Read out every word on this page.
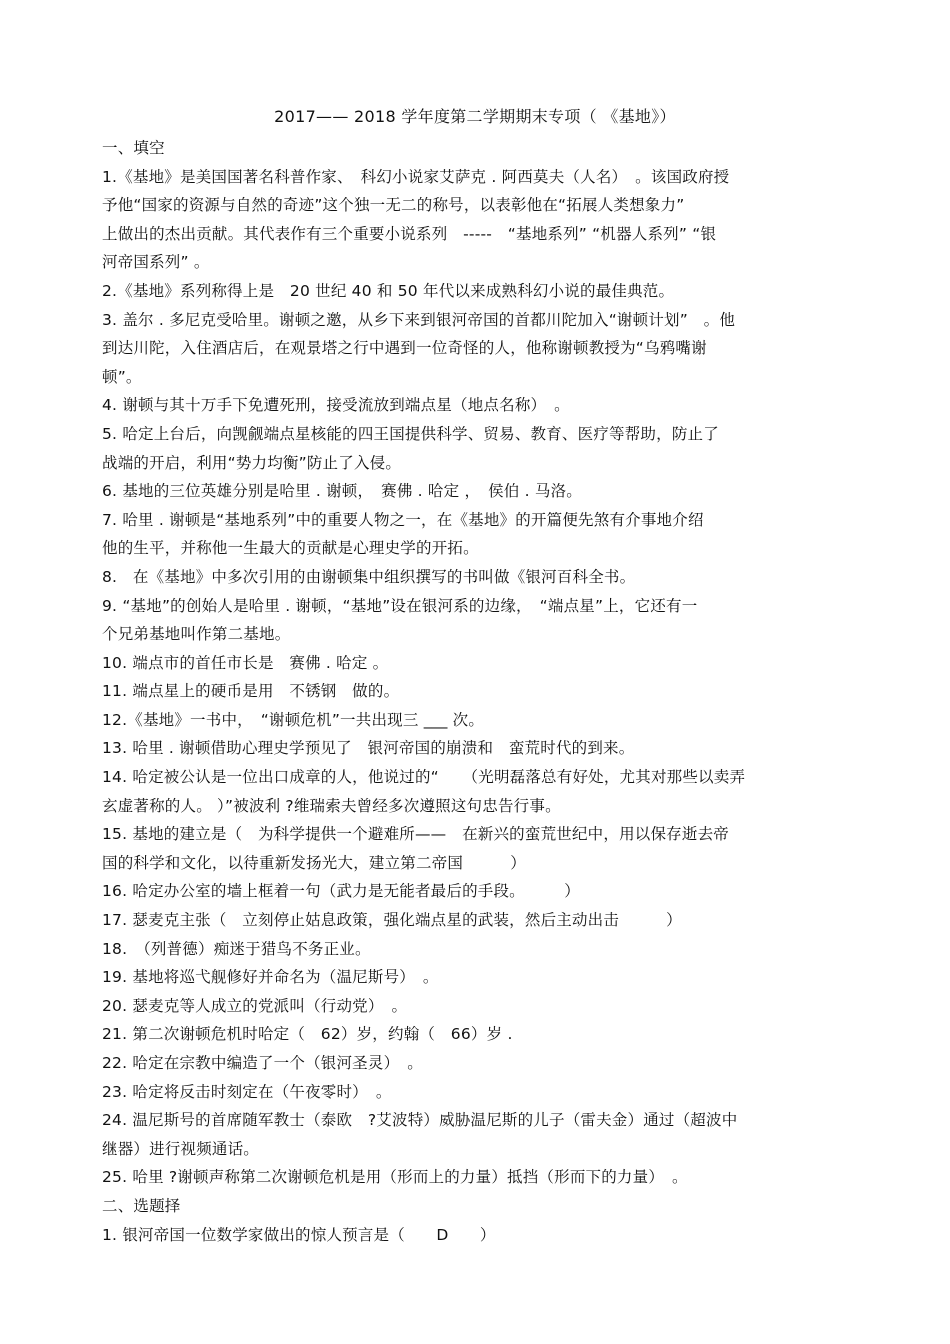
2017—— 2018 学年度第二学期期末专项（ 《基地》）
一、填空
1.《基地》是美国国著名科普作家、　科幻小说家艾萨克 . 阿西莫夫（人名）　。该国政府授
予他“国家的资源与自然的奇迹”这个独一无二的称号，以表彰他在“拓展人类想象力”
上做出的杰出贡献。其代表作有三个重要小说系列　-----　“基地系列” “机器人系列” “银
河帝国系列” 。
2.《基地》系列称得上是　20 世纪 40 和 50 年代以来成熟科幻小说的最佳典范。
3. 盖尔 . 多尼克受哈里。谢顿之邀，从乡下来到银河帝国的首都川陀加入“谢顿计划”　。他
到达川陀，入住酒店后，在观景塔之行中遇到一位奇怪的人，他称谢顿教授为“乌鸦嘴谢
顿”。
4. 谢顿与其十万手下免遭死刑，接受流放到端点星（地点名称）　。
5. 哈定上台后，向觊觎端点星核能的四王国提供科学、贸易、教育、医疗等帮助，防止了
战端的开启，利用“势力均衡”防止了入侵。
6. 基地的三位英雄分别是哈里 . 谢顿，　赛佛 . 哈定 ，　侯伯 . 马洛。
7. 哈里 . 谢顿是“基地系列”中的重要人物之一，在《基地》的开篇便先煞有介事地介绍
他的生平，并称他一生最大的贡献是心理史学的开拓。
8.　在《基地》中多次引用的由谢顿集中组织撰写的书叫做《银河百科全书。
9. “基地”的创始人是哈里 . 谢顿，“基地”设在银河系的边缘，　“端点星”上，它还有一
个兄弟基地叫作第二基地。
10. 端点市的首任市长是　赛佛 . 哈定 。
11. 端点星上的硬币是用　不锈钢　做的。
12.《基地》一书中，　“谢顿危机”一共出现三 ___ 次。
13. 哈里 . 谢顿借助心理史学预见了　银河帝国的崩溃和　蛮荒时代的到来。
14. 哈定被公认是一位出口成章的人，他说过的“　　（光明磊落总有好处，尤其对那些以卖弄
玄虚著称的人。 ）”被波利 ?维瑞索夫曾经多次遵照这句忠告行事。
15. 基地的建立是（　为科学提供一个避难所——　在新兴的蛮荒世纪中，用以保存逝去帝
国的科学和文化，以待重新发扬光大，建立第二帝国　　　）
16. 哈定办公室的墙上框着一句（武力是无能者最后的手段。　　　）
17. 瑟麦克主张（　立刻停止姑息政策，强化端点星的武装，然后主动出击　　　）
18.　（列普德）痴迷于猎鸟不务正业。
19. 基地将巡弋舰修好并命名为（温尼斯号）　。
20. 瑟麦克等人成立的党派叫（行动党）　。
21. 第二次谢顿危机时哈定（　62）岁，约翰（　66）岁 .
22. 哈定在宗教中编造了一个（银河圣灵）　。
23. 哈定将反击时刻定在（午夜零时）　。
24. 温尼斯号的首席随军教士（泰欧　?艾波特）威胁温尼斯的儿子（雷夫金）通过（超波中
继器）进行视频通话。
25. 哈里 ?谢顿声称第二次谢顿危机是用（形而上的力量）抵挡（形而下的力量）　。
二、选题择
1. 银河帝国一位数学家做出的惊人预言是（　　D　　）
